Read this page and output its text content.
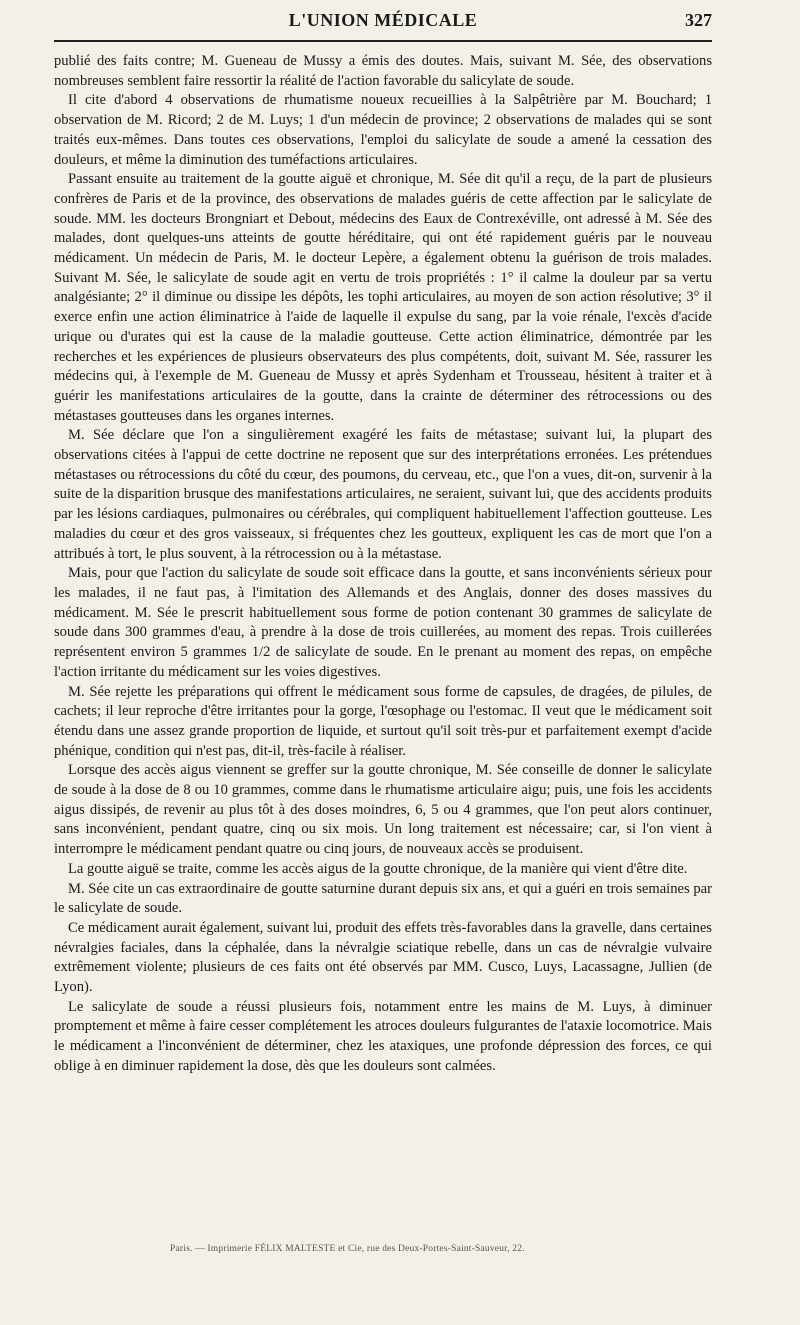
L'UNION MÉDICALE	327

publié des faits contre; M. Gueneau de Mussy a émis des doutes. Mais, suivant M. Sée, des observations nombreuses semblent faire ressortir la réalité de l'action favorable du salicylate de soude.

Il cite d'abord 4 observations de rhumatisme noueux recueillies à la Salpêtrière par M. Bouchard; 1 observation de M. Ricord; 2 de M. Luys; 1 d'un médecin de province; 2 observations de malades qui se sont traités eux-mêmes. Dans toutes ces observations, l'emploi du salicylate de soude a amené la cessation des douleurs, et même la diminution des tuméfactions articulaires.

Passant ensuite au traitement de la goutte aiguë et chronique, M. Sée dit qu'il a reçu, de la part de plusieurs confrères de Paris et de la province, des observations de malades guéris de cette affection par le salicylate de soude. MM. les docteurs Brongniart et Debout, médecins des Eaux de Contrexéville, ont adressé à M. Sée des malades, dont quelques-uns atteints de goutte héréditaire, qui ont été rapidement guéris par le nouveau médicament. Un médecin de Paris, M. le docteur Lepère, a également obtenu la guérison de trois malades. Suivant M. Sée, le salicylate de soude agit en vertu de trois propriétés : 1° il calme la douleur par sa vertu analgésiante; 2° il diminue ou dissipe les dépôts, les tophi articulaires, au moyen de son action résolutive; 3° il exerce enfin une action éliminatrice à l'aide de laquelle il expulse du sang, par la voie rénale, l'excès d'acide urique ou d'urates qui est la cause de la maladie goutteuse. Cette action éliminatrice, démontrée par les recherches et les expériences de plusieurs observateurs des plus compétents, doit, suivant M. Sée, rassurer les médecins qui, à l'exemple de M. Gueneau de Mussy et après Sydenham et Trousseau, hésitent à traiter et à guérir les manifestations articulaires de la goutte, dans la crainte de déterminer des rétrocessions ou des métastases goutteuses dans les organes internes.

M. Sée déclare que l'on a singulièrement exagéré les faits de métastase; suivant lui, la plupart des observations citées à l'appui de cette doctrine ne reposent que sur des interprétations erronées. Les prétendues métastases ou rétrocessions du côté du cœur, des poumons, du cerveau, etc., que l'on a vues, dit-on, survenir à la suite de la disparition brusque des manifestations articulaires, ne seraient, suivant lui, que des accidents produits par les lésions cardiaques, pulmonaires ou cérébrales, qui compliquent habituellement l'affection goutteuse. Les maladies du cœur et des gros vaisseaux, si fréquentes chez les goutteux, expliquent les cas de mort que l'on a attribués à tort, le plus souvent, à la rétrocession ou à la métastase.

Mais, pour que l'action du salicylate de soude soit efficace dans la goutte, et sans inconvénients sérieux pour les malades, il ne faut pas, à l'imitation des Allemands et des Anglais, donner des doses massives du médicament. M. Sée le prescrit habituellement sous forme de potion contenant 30 grammes de salicylate de soude dans 300 grammes d'eau, à prendre à la dose de trois cuillerées, au moment des repas. Trois cuillerées représentent environ 5 grammes 1/2 de salicylate de soude. En le prenant au moment des repas, on empêche l'action irritante du médicament sur les voies digestives.

M. Sée rejette les préparations qui offrent le médicament sous forme de capsules, de dragées, de pilules, de cachets; il leur reproche d'être irritantes pour la gorge, l'œsophage ou l'estomac. Il veut que le médicament soit étendu dans une assez grande proportion de liquide, et surtout qu'il soit très-pur et parfaitement exempt d'acide phénique, condition qui n'est pas, dit-il, très-facile à réaliser.

Lorsque des accès aigus viennent se greffer sur la goutte chronique, M. Sée conseille de donner le salicylate de soude à la dose de 8 ou 10 grammes, comme dans le rhumatisme articulaire aigu; puis, une fois les accidents aigus dissipés, de revenir au plus tôt à des doses moindres, 6, 5 ou 4 grammes, que l'on peut alors continuer, sans inconvénient, pendant quatre, cinq ou six mois. Un long traitement est nécessaire; car, si l'on vient à interrompre le médicament pendant quatre ou cinq jours, de nouveaux accès se produisent.

La goutte aiguë se traite, comme les accès aigus de la goutte chronique, de la manière qui vient d'être dite.

M. Sée cite un cas extraordinaire de goutte saturnine durant depuis six ans, et qui a guéri en trois semaines par le salicylate de soude.

Ce médicament aurait également, suivant lui, produit des effets très-favorables dans la gravelle, dans certaines névralgies faciales, dans la céphalée, dans la névralgie sciatique rebelle, dans un cas de névralgie vulvaire extrêmement violente; plusieurs de ces faits ont été observés par MM. Cusco, Luys, Lacassagne, Jullien (de Lyon).

Le salicylate de soude a réussi plusieurs fois, notamment entre les mains de M. Luys, à diminuer promptement et même à faire cesser complétement les atroces douleurs fulgurantes de l'ataxie locomotrice. Mais le médicament a l'inconvénient de déterminer, chez les ataxiques, une profonde dépression des forces, ce qui oblige à en diminuer rapidement la dose, dès que les douleurs sont calmées.

Paris. — Imprimerie FÉLIX MALTESTE et Cie, rue des Deux-Portes-Saint-Sauveur, 22.
